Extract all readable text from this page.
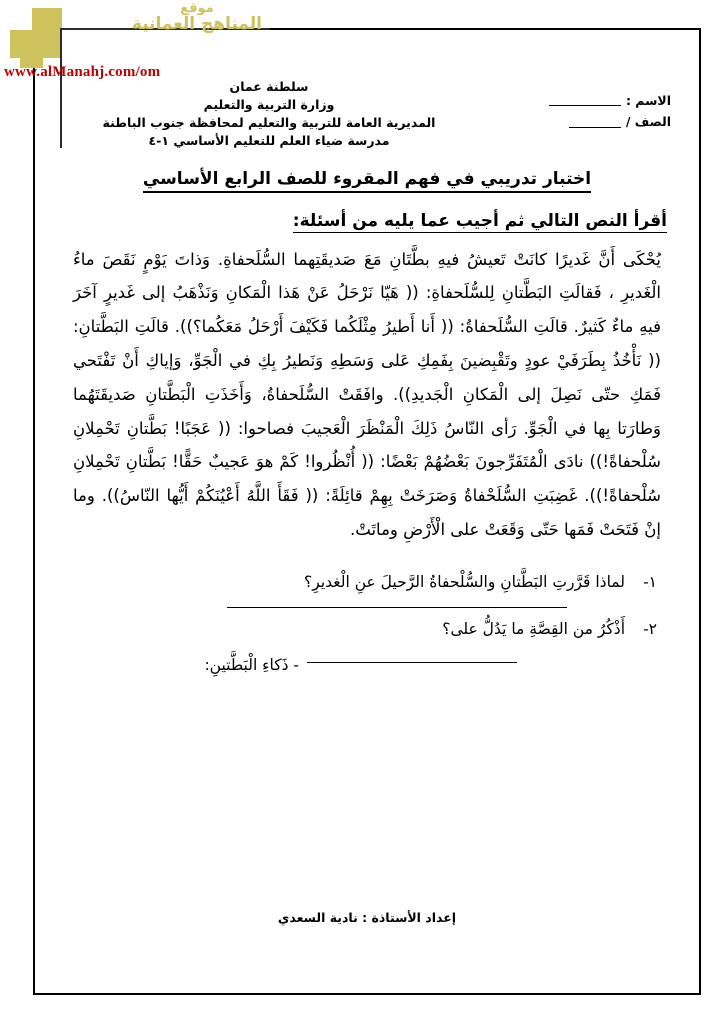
موقع
المناهج العمانية
www.alManahj.com/om
سلطنة عمان
وزارة التربية والتعليم
المديرية العامة للتربية والتعليم لمحافظة جنوب الباطنة
مدرسة ضياء العلم للتعليم الأساسي ١-٤
الاسم :
الصف /
اختبار تدريبي في فهم المقروء للصف الرابع الأساسي
أقرأ النص التالي ثم أجيب عما يليه من أسئلة:
يُحْكَى أَنَّ غَديرًا كانَتْ تَعيشُ فيهِ بطَّتَانِ مَعَ صَديقَتِهما السُّلَحفاةِ. وَذاتَ يَوْمٍ نَقَصَ ماءُ الْغَديرِ ، فَقالَتِ البَطَّتانِ لِلسُّلَحفاةِ: (( هَيّا نَرْحَلُ عَنْ هَذا الْمَكانِ وَنَذْهَبُ إلى غَديرٍ آخَرَ فيهِ ماءٌ كَثيرٌ. قالَتِ السُّلَحفاةُ: (( أَنا أَطيرُ مِثْلَكُما فَكَيْفَ أَرْحَلُ مَعَكُما؟)). قالَتِ البَطَّتانِ: (( نَأْخُذُ بِطَرَفَيْ عودٍ وتَقْبِضينَ بِفَمِكِ عَلى وَسَطِهِ وَنَطيرُ بِكِ في الْجَوِّ، وَإياكِ أَنْ تَفْتَحي فَمَكِ حتّى نَصِلَ إلى الْمَكانِ الْجَديدِ)). وافَقَتْ السُّلَحفاةُ، وَأَخَذَتِ الْبَطَّتانِ صَديقَتَهُما وَطارَتا بِها في الْجَوِّ. رَأى النّاسُ ذَلِكَ الْمَنْظَرَ الْعَجيبَ فصاحوا: (( عَجَبًا! بَطَّتانِ تَحْمِلانِ سُلْحفاةً!)) نادَى الْمُتَفَرِّجونَ بَعْضُهُمْ بَعْضًا: (( أُنْظُروا! كَمْ هوَ عَجيبٌ حَقًّا! بَطَّتانِ تَحْمِلانِ سُلْحفاةً!)). غَضِبَتِ السُّلَحْفاةُ وَصَرَخَتْ بِهِمْ قائِلَةً: (( فَقَأَ اللَّهُ أَعْيُنَكُمْ أَيُّها النّاسُ)). وما إنْ فَتَحَتْ فَمَها حَتّى وَقَعَتْ على الْأَرْضِ وماتَتْ.
١-
لماذا قَرَّرتِ البَطَّتانِ والسُّلْحفاةُ الرَّحيلَ عنِ الْغديرِ؟
٢-
أَذْكُرُ من القِصَّةِ ما يَدُلُّ على؟
- ذَكاءِ الْبَطَّتينِ:
إعداد الأستاذة : نادية السعدي
